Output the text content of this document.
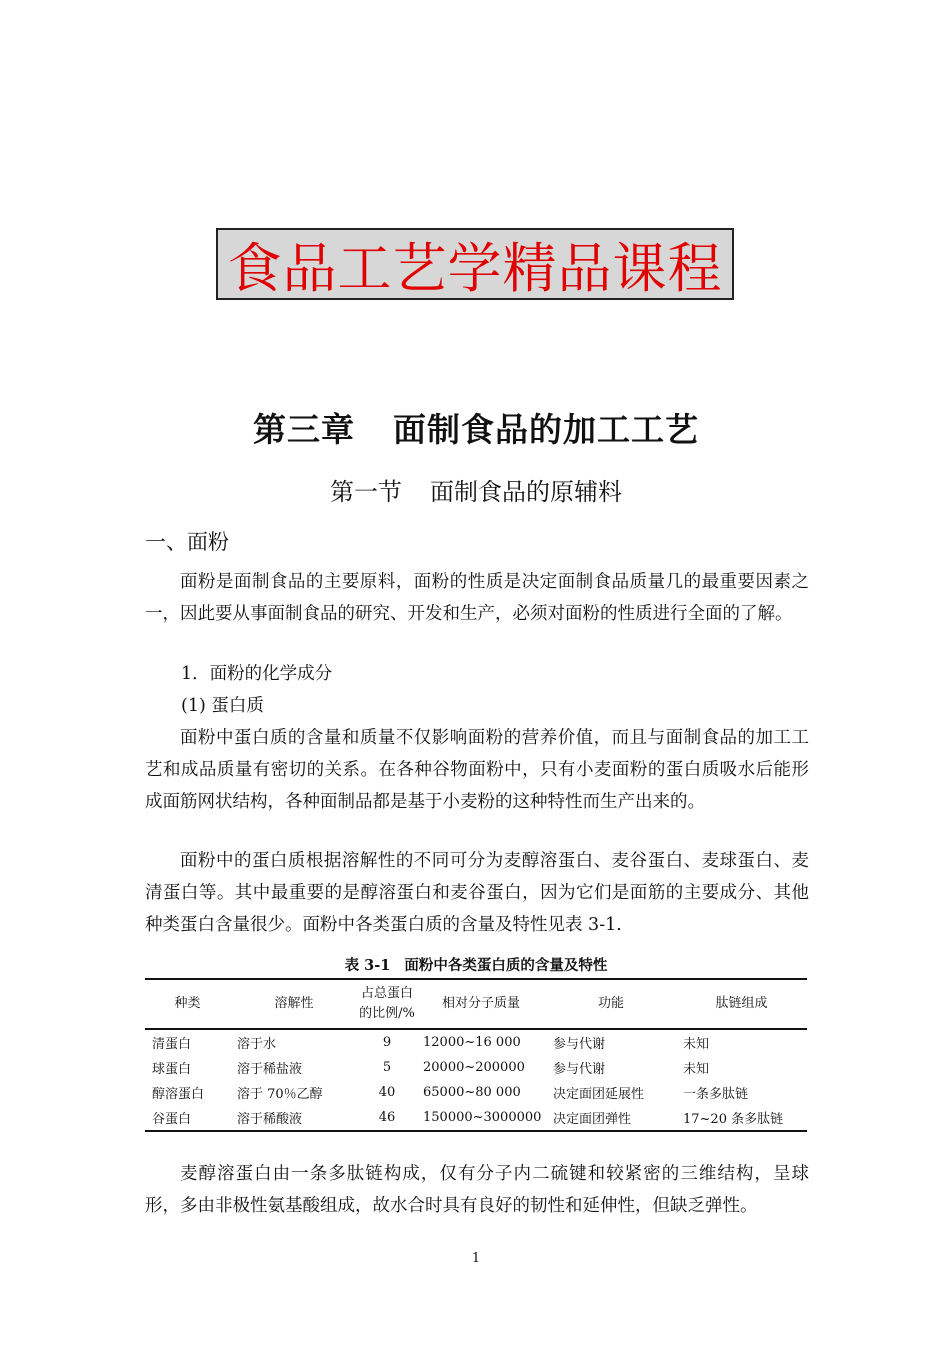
食品工艺学精品课程
第三章 面制食品的加工工艺
第一节 面制食品的原辅料
一、面粉

面粉是面制食品的主要原料，面粉的性质是决定面制食品质量几的最重要因素之一，因此要从事面制食品的研究、开发和生产，必须对面粉的性质进行全面的了解。

1．面粉的化学成分
(1) 蛋白质

面粉中蛋白质的含量和质量不仅影响面粉的营养价值，而且与面制食品的加工工艺和成品质量有密切的关系。在各种谷物面粉中，只有小麦面粉的蛋白质吸水后能形成面筋网状结构，各种面制品都是基于小麦粉的这种特性而生产出来的。

面粉中的蛋白质根据溶解性的不同可分为麦醇溶蛋白、麦谷蛋白、麦球蛋白、麦清蛋白等。其中最重要的是醇溶蛋白和麦谷蛋白，因为它们是面筋的主要成分、其他种类蛋白含量很少。面粉中各类蛋白质的含量及特性见表 3-1.

表 3-1 面粉中各类蛋白质的含量及特性
种类	溶解性	占总蛋白
的比例/%	相对分子质量	功能	肽链组成
清蛋白	溶于水	9	12000~16 000	参与代谢	未知
球蛋白	溶于稀盐液	5	20000~200000	参与代谢	未知
醇溶蛋白	溶于 70％乙醇	40	65000~80 000	决定面团延展性	一条多肽链
谷蛋白	溶于稀酸液	46	150000~3000000	决定面团弹性	17~20 条多肽链

麦醇溶蛋白由一条多肽链构成，仅有分子内二硫键和较紧密的三维结构，呈球形，多由非极性氨基酸组成，故水合时具有良好的韧性和延伸性，但缺乏弹性。

1
